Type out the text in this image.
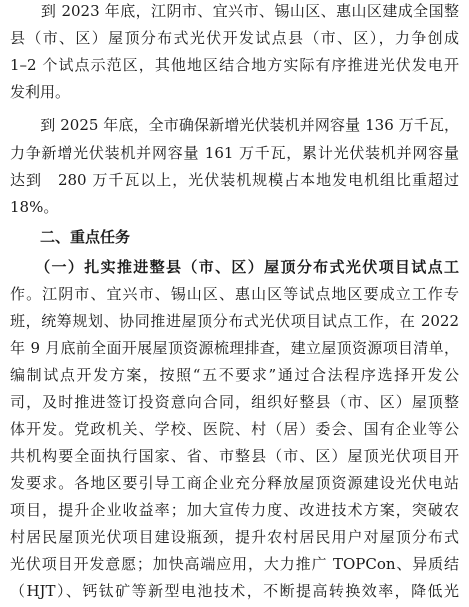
　　到 2023 年底，江阴市、宜兴市、锡山区、惠山区建成全国整
县（市、区）屋顶分布式光伏开发试点县（市、区），力争创成
1–2 个试点示范区，其他地区结合地方实际有序推进光伏发电开
发利用。
　　到 2025 年底，全市确保新增光伏装机并网容量 136 万千瓦，
力争新增光伏装机并网容量 161 万千瓦，累计光伏装机并网容量
达到　280 万千瓦以上，光伏装机规模占本地发电机组比重超过
18%。
　　二、重点任务
　　（一）扎实推进整县（市、区）屋顶分布式光伏项目试点工
作。江阴市、宜兴市、锡山区、惠山区等试点地区要成立工作专
班，统筹规划、协同推进屋顶分布式光伏项目试点工作，在 2022
年 9 月底前全面开展屋顶资源梳理排查，建立屋顶资源项目清单，
编制试点开发方案，按照“五不要求”通过合法程序选择开发公
司，及时推进签订投资意向合同，组织好整县（市、区）屋顶整
体开发。党政机关、学校、医院、村（居）委会、国有企业等公
共机构要全面执行国家、省、市整县（市、区）屋顶光伏项目开
发要求。各地区要引导工商企业充分释放屋顶资源建设光伏电站
项目，提升企业收益率；加大宣传力度、改进技术方案，突破农
村居民屋顶光伏项目建设瓶颈，提升农村居民用户对屋顶分布式
光伏项目开发意愿；加快高端应用，大力推广 TOPCon、异质结
（HJT）、钙钛矿等新型电池技术，不断提高转换效率，降低光
